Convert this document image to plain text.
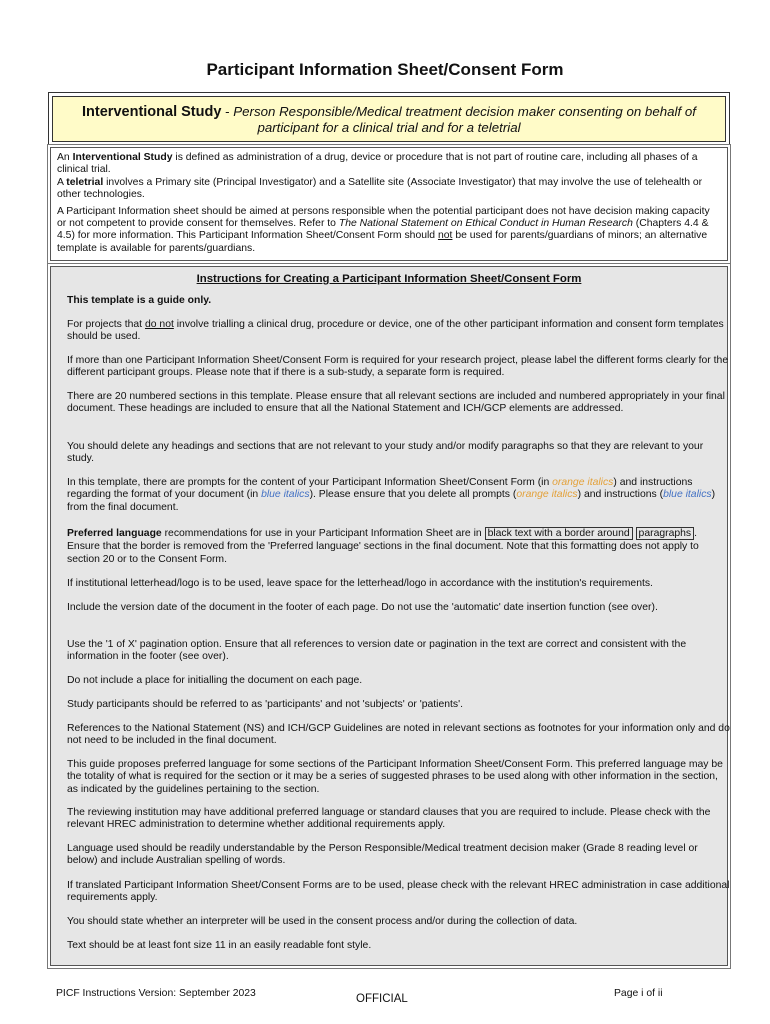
Participant Information Sheet/Consent Form
Interventional Study - Person Responsible/Medical treatment decision maker consenting on behalf of participant for a clinical trial and for a teletrial

An Interventional Study is defined as administration of a drug, device or procedure that is not part of routine care, including all phases of a clinical trial.

A teletrial involves a Primary site (Principal Investigator) and a Satellite site (Associate Investigator) that may involve the use of telehealth or other technologies.

A Participant Information sheet should be aimed at persons responsible when the potential participant does not have decision making capacity or not competent to provide consent for themselves. Refer to The National Statement on Ethical Conduct in Human Research (Chapters 4.4 & 4.5) for more information. This Participant Information Sheet/Consent Form should not be used for parents/guardians of minors; an alternative template is available for parents/guardians.

Instructions for Creating a Participant Information Sheet/Consent Form
This template is a guide only.
For projects that do not involve trialling a clinical drug, procedure or device, one of the other participant information and consent form templates should be used.
If more than one Participant Information Sheet/Consent Form is required for your research project, please label the different forms clearly for the different participant groups. Please note that if there is a sub-study, a separate form is required.
There are 20 numbered sections in this template. Please ensure that all relevant sections are included and numbered appropriately in your final document. These headings are included to ensure that all the National Statement and ICH/GCP elements are addressed.
You should delete any headings and sections that are not relevant to your study and/or modify paragraphs so that they are relevant to your study.
In this template, there are prompts for the content of your Participant Information Sheet/Consent Form (in orange italics) and instructions regarding the format of your document (in blue italics). Please ensure that you delete all prompts (orange italics) and instructions (blue italics) from the final document.
Preferred language recommendations for use in your Participant Information Sheet are in black text with a border around paragraphs . Ensure that the border is removed from the 'Preferred language' sections in the final document. Note that this formatting does not apply to section 20 or to the Consent Form.
If institutional letterhead/logo is to be used, leave space for the letterhead/logo in accordance with the institution's requirements.
Include the version date of the document in the footer of each page. Do not use the 'automatic' date insertion function (see over).
Use the '1 of X' pagination option. Ensure that all references to version date or pagination in the text are correct and consistent with the information in the footer (see over).
Do not include a place for initialling the document on each page.
Study participants should be referred to as 'participants' and not 'subjects' or 'patients'.
References to the National Statement (NS) and ICH/GCP Guidelines are noted in relevant sections as footnotes for your information only and do not need to be included in the final document.
This guide proposes preferred language for some sections of the Participant Information Sheet/Consent Form. This preferred language may be the totality of what is required for the section or it may be a series of suggested phrases to be used along with other information in the section, as indicated by the guidelines pertaining to the section.
The reviewing institution may have additional preferred language or standard clauses that you are required to include. Please check with the relevant HREC administration to determine whether additional requirements apply.
Language used should be readily understandable by the Person Responsible/Medical treatment decision maker (Grade 8 reading level or below) and include Australian spelling of words.
If translated Participant Information Sheet/Consent Forms are to be used, please check with the relevant HREC administration in case additional requirements apply.
You should state whether an interpreter will be used in the consent process and/or during the collection of data.
Text should be at least font size 11 in an easily readable font style.
PICF Instructions Version: September 2023	OFFICIAL	Page i of ii
